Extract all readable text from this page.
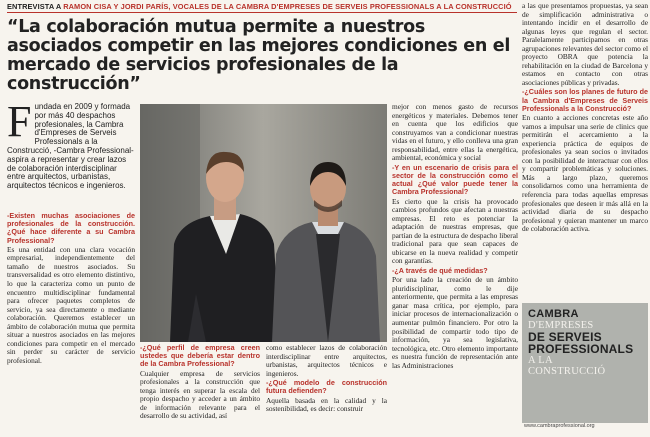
ENTREVISTA A RAMON CISA Y JORDI PARÍS, VOCALES DE LA CAMBRA D'EMPRESES DE SERVEIS PROFESSIONALS A LA CONSTRUCCIÓ
“La colaboración mutua permite a nuestros asociados competir en las mejores condiciones en el mercado de servicios profesionales de la construcción”
F undada en 2009 y formada por más 40 despachos profesionales, la Cambra d'Empreses de Serveis Professionals a la Construcció, -Cambra Professional- aspira a representar y crear lazos de colaboración interdisciplinar entre arquitectos, urbanistas, arquitectos técnicos e ingenieros.

-Existen muchas asociaciones de profesionales de la construcción. ¿Qué hace diferente a su Cambra Professional?

Es una entidad con una clara vocación empresarial, independientemente del tamaño de nuestros asociados. Su transversalidad es otro elemento distintivo, lo que la caracteriza como un punto de encuentro multidisciplinar fundamental para ofrecer paquetes completos de servicio, ya sea directamente o mediante colaboración. Queremos establecer un ámbito de colaboración mutua que permita situar a nuestros asociados en las mejores condiciones para competir en el mercado sin perder su carácter de servicio profesional.

-¿Qué perfil de empresa creen ustedes que debería estar dentro de la Cambra Professional?

Cualquier empresa de servicios profesionales a la construcción que tenga interés en superar la escala del propio despacho y acceder a un ámbito de información relevante para el desarrollo de su actividad, así

como establecer lazos de colaboración interdisciplinar entre arquitectos, urbanistas, arquitectos técnicos e ingenieros.

-¿Qué modelo de construcción futura defienden?

Aquella basada en la calidad y la sostenibilidad, es decir: construir

mejor con menos gasto de recursos energéticos y materiales. Debemos tener en cuenta que los edificios que construyamos van a condicionar nuestras vidas en el futuro, y ello conlleva una gran responsabilidad, entre ellas la energética, ambiental, económica y social

-Y en un escenario de crisis para el sector de la construcción como el actual ¿Qué valor puede tener la Cambra Professional?

Es cierto que la crisis ha provocado cambios profundos que afectan a nuestras empresas. El reto es potenciar la adaptación de nuestras empresas, que partían de la estructura de despacho liberal tradicional para que sean capaces de ubicarse en la nueva realidad y competir con garantías.

-¿A través de qué medidas?

Por una lado la creación de un ámbito pluridisciplinar, como le dije anteriormente, que permita a las empresas ganar masa crítica, por ejemplo, para iniciar procesos de internacionalización o aumentar pulmón financiero. Por otro la posibilidad de compartir todo tipo de información, ya sea legislativa, tecnológica, etc. Otro elemento importante es nuestra función de representación ante las Administraciones

a las que presentamos propuestas, ya sean de simplificación administrativa o intentando incidir en el desarrollo de algunas leyes que regulan el sector. Paralelamente participamos en otras agrupaciones relevantes del sector como el proyecto OBRA que potencia la rehabilitación en la ciudad de Barcelona y estamos en contacto con otras asociaciones públicas y privadas.

-¿Cuáles son los planes de futuro de la Cambra d'Empreses de Serveis Professionals a la Construcció?

En cuanto a acciones concretas este año vamos a impulsar una serie de clinics que permitirán el acercamiento a la experiencia práctica de equipos de profesionales ya sean socios o invitados con la posibilidad de interactuar con ellos y compartir problemáticas y soluciones. Más a largo plazo, queremos consolidarnos como una herramienta de referencia para todas aquellas empresas profesionales que deseen ir más allá en la actividad diaria de su despacho profesional y quieran mantener un marco de colaboración activa.

CAMBRA
D'EMPRESES
DE SERVEIS
PROFESSIONALS
A LA
CONSTRUCCIÓ
www.cambraprofessional.org
